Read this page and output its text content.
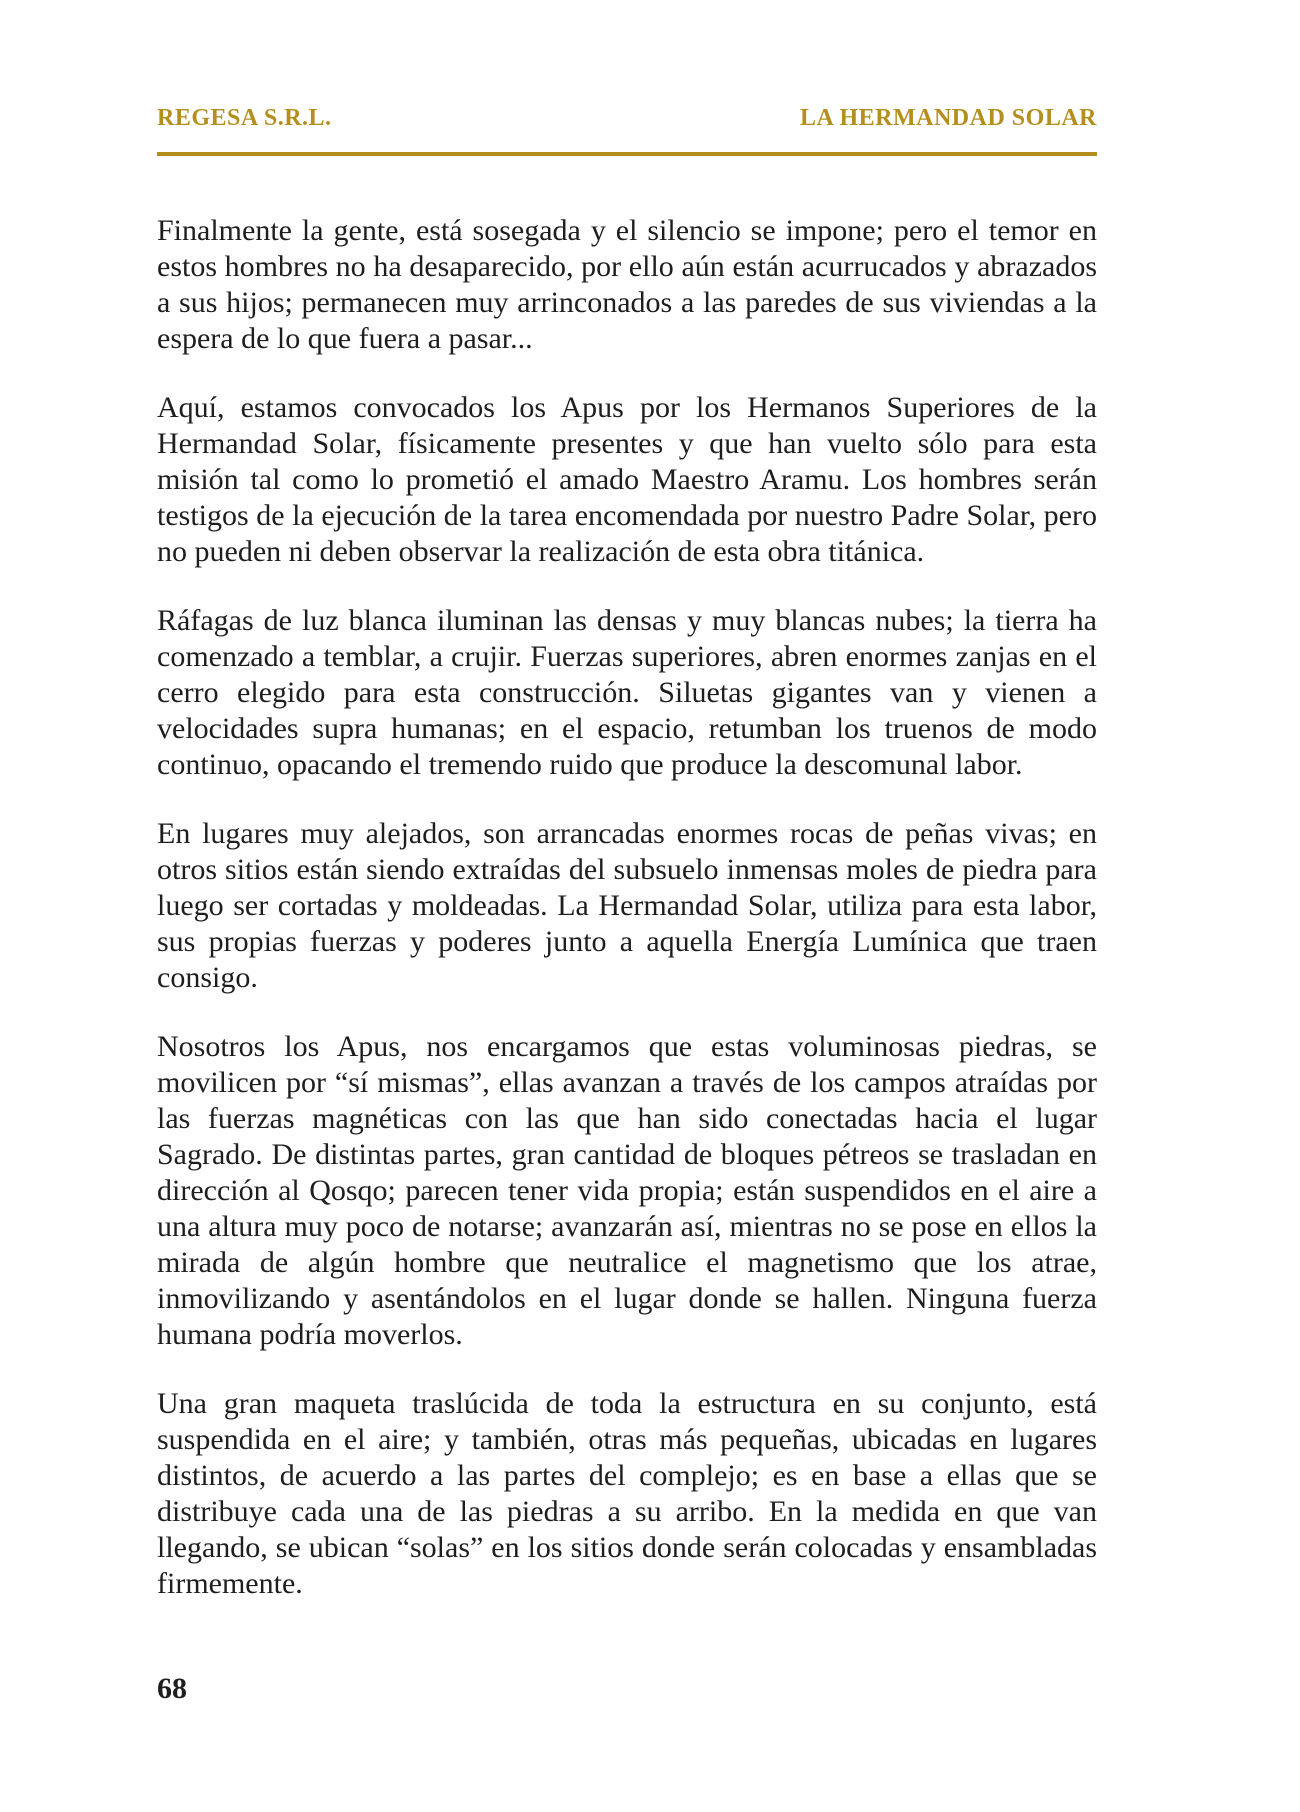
REGESA S.R.L.	LA HERMANDAD SOLAR

Finalmente la gente, está sosegada y el silencio se impone; pero el temor en estos hombres no ha desaparecido, por ello aún están acurrucados y abrazados a sus hijos; permanecen muy arrinconados a las paredes de sus viviendas a la espera de lo que fuera a pasar...

Aquí, estamos convocados los Apus por los Hermanos Superiores de la Hermandad Solar, físicamente presentes y que han vuelto sólo para esta misión tal como lo prometió el amado Maestro Aramu. Los hombres serán testigos de la ejecución de la tarea encomendada por nuestro Padre Solar, pero no pueden ni deben observar la realización de esta obra titánica.

Ráfagas de luz blanca iluminan las densas y muy blancas nubes; la tierra ha comenzado a temblar, a crujir. Fuerzas superiores, abren enormes zanjas en el cerro elegido para esta construcción. Siluetas gigantes van y vienen a velocidades supra humanas; en el espacio, retumban los truenos de modo continuo, opacando el tremendo ruido que produce la descomunal labor.

En lugares muy alejados, son arrancadas enormes rocas de peñas vivas; en otros sitios están siendo extraídas del subsuelo inmensas moles de piedra para luego ser cortadas y moldeadas. La Hermandad Solar, utiliza para esta labor, sus propias fuerzas y poderes junto a aquella Energía Lumínica que traen consigo.

Nosotros los Apus, nos encargamos que estas voluminosas piedras, se movilicen por “sí mismas”, ellas avanzan a través de los campos atraídas por las fuerzas magnéticas con las que han sido conectadas hacia el lugar Sagrado. De distintas partes, gran cantidad de bloques pétreos se trasladan en dirección al Qosqo; parecen tener vida propia; están suspendidos en el aire a una altura muy poco de notarse; avanzarán así, mientras no se pose en ellos la mirada de algún hombre que neutralice el magnetismo que los atrae, inmovilizando y asentándolos en el lugar donde se hallen. Ninguna fuerza humana podría moverlos.

Una gran maqueta traslúcida de toda la estructura en su conjunto, está suspendida en el aire; y también, otras más pequeñas, ubicadas en lugares distintos, de acuerdo a las partes del complejo; es en base a ellas que se distribuye cada una de las piedras a su arribo. En la medida en que van llegando, se ubican “solas” en los sitios donde serán colocadas y ensambladas firmemente.

68
